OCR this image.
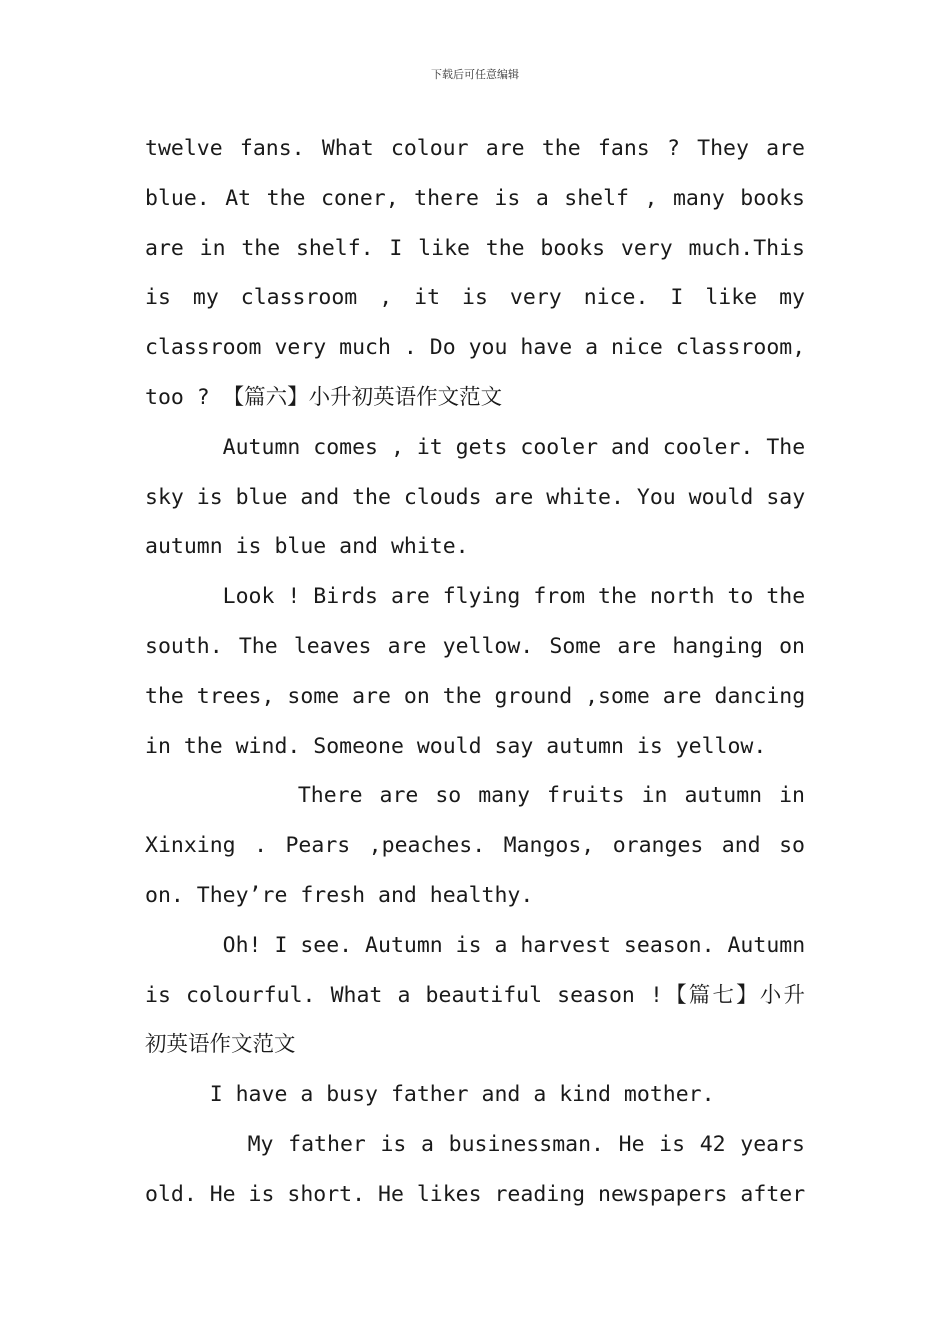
下载后可任意编辑
twelve fans. What colour are the fans ? They are
blue. At the coner, there is a shelf , many books
are in the shelf. I like the books very much.This
is my classroom , it is very nice. I like my
classroom very much . Do you have a nice classroom,
too ? 【篇六】小升初英语作文范文
Autumn comes , it gets cooler and cooler. The
sky is blue and the clouds are white. You would say
autumn is blue and white.
Look ! Birds are flying from the north to the
south. The leaves are yellow. Some are hanging on
the trees, some are on the ground ,some are dancing
in the wind. Someone would say autumn is yellow.
There are so many fruits in autumn in
Xinxing . Pears ,peaches. Mangos, oranges and so
on. They’re fresh and healthy.
Oh! I see. Autumn is a harvest season. Autumn
is colourful. What a beautiful season !【篇七】小升
初英语作文范文
I have a busy father and a kind mother.
My father is a businessman. He is 42 years
old. He is short. He likes reading newspapers after
